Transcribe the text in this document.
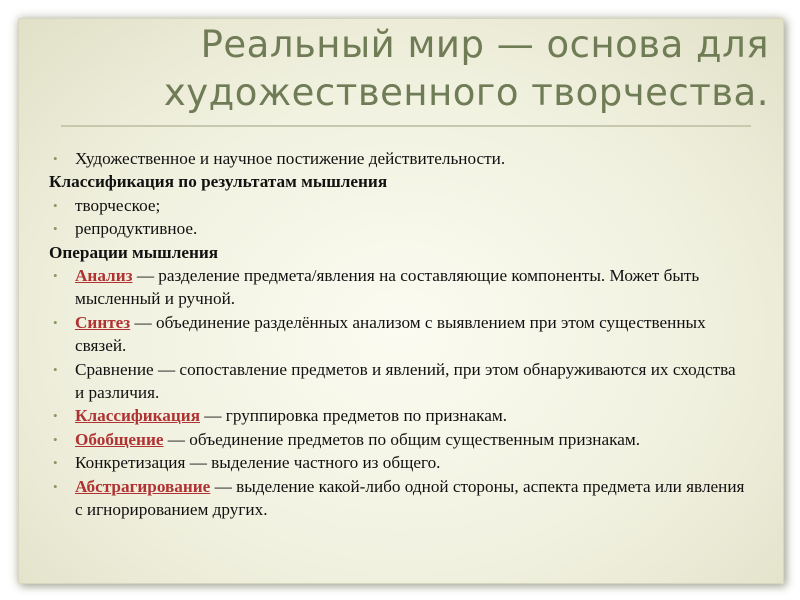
Реальный мир — основа для
художественного творчества.
• Художественное и научное постижение действительности.
Классификация по результатам мышления
• творческое;
• репродуктивное.
Операции мышления
• Анализ — разделение предмета/явления на составляющие компоненты. Может быть мысленный и ручной.
• Синтез — объединение разделённых анализом с выявлением при этом существенных связей.
• Сравнение — сопоставление предметов и явлений, при этом обнаруживаются их сходства и различия.
• Классификация — группировка предметов по признакам.
• Обобщение — объединение предметов по общим существенным признакам.
• Конкретизация — выделение частного из общего.
• Абстрагирование — выделение какой-либо одной стороны, аспекта предмета или явления с игнорированием других.
